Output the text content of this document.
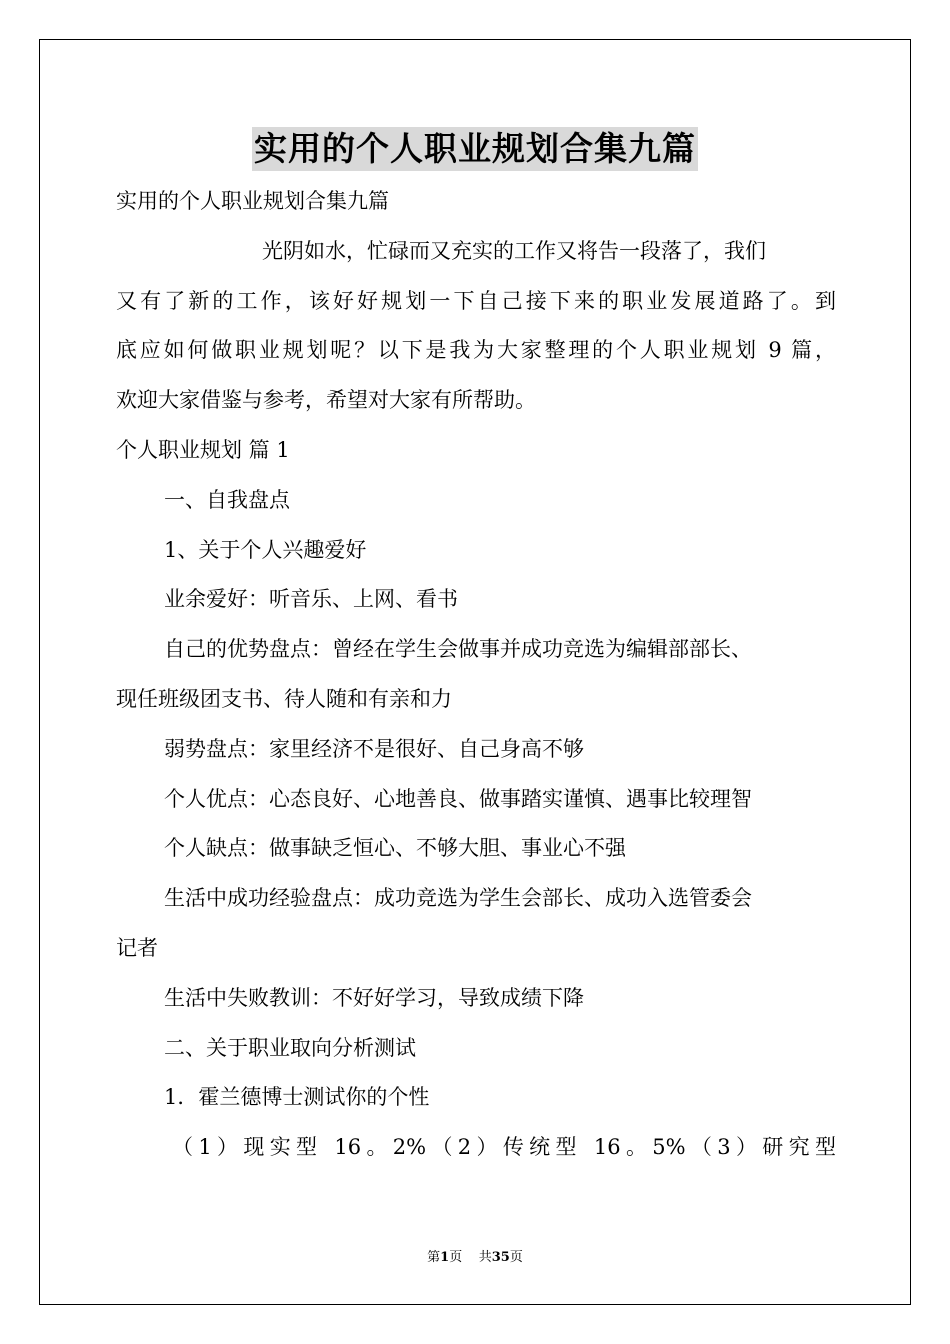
实用的个人职业规划合集九篇

实用的个人职业规划合集九篇

光阴如水，忙碌而又充实的工作又将告一段落了，我们

又有了新的工作，该好好规划一下自己接下来的职业发展道路了。到

底应如何做职业规划呢？以下是我为大家整理的个人职业规划 9 篇，

欢迎大家借鉴与参考，希望对大家有所帮助。

个人职业规划 篇 1

一、自我盘点

1、关于个人兴趣爱好

业余爱好：听音乐、上网、看书

自己的优势盘点：曾经在学生会做事并成功竞选为编辑部部长、

现任班级团支书、待人随和有亲和力

弱势盘点：家里经济不是很好、自己身高不够

个人优点：心态良好、心地善良、做事踏实谨慎、遇事比较理智

个人缺点：做事缺乏恒心、不够大胆、事业心不强

生活中成功经验盘点：成功竞选为学生会部长、成功入选管委会

记者

生活中失败教训：不好好学习，导致成绩下降

二、关于职业取向分析测试

1．霍兰德博士测试你的个性

（1）现实型 16。2%（2）传统型 16。5%（3）研究型

第1页    共35页
